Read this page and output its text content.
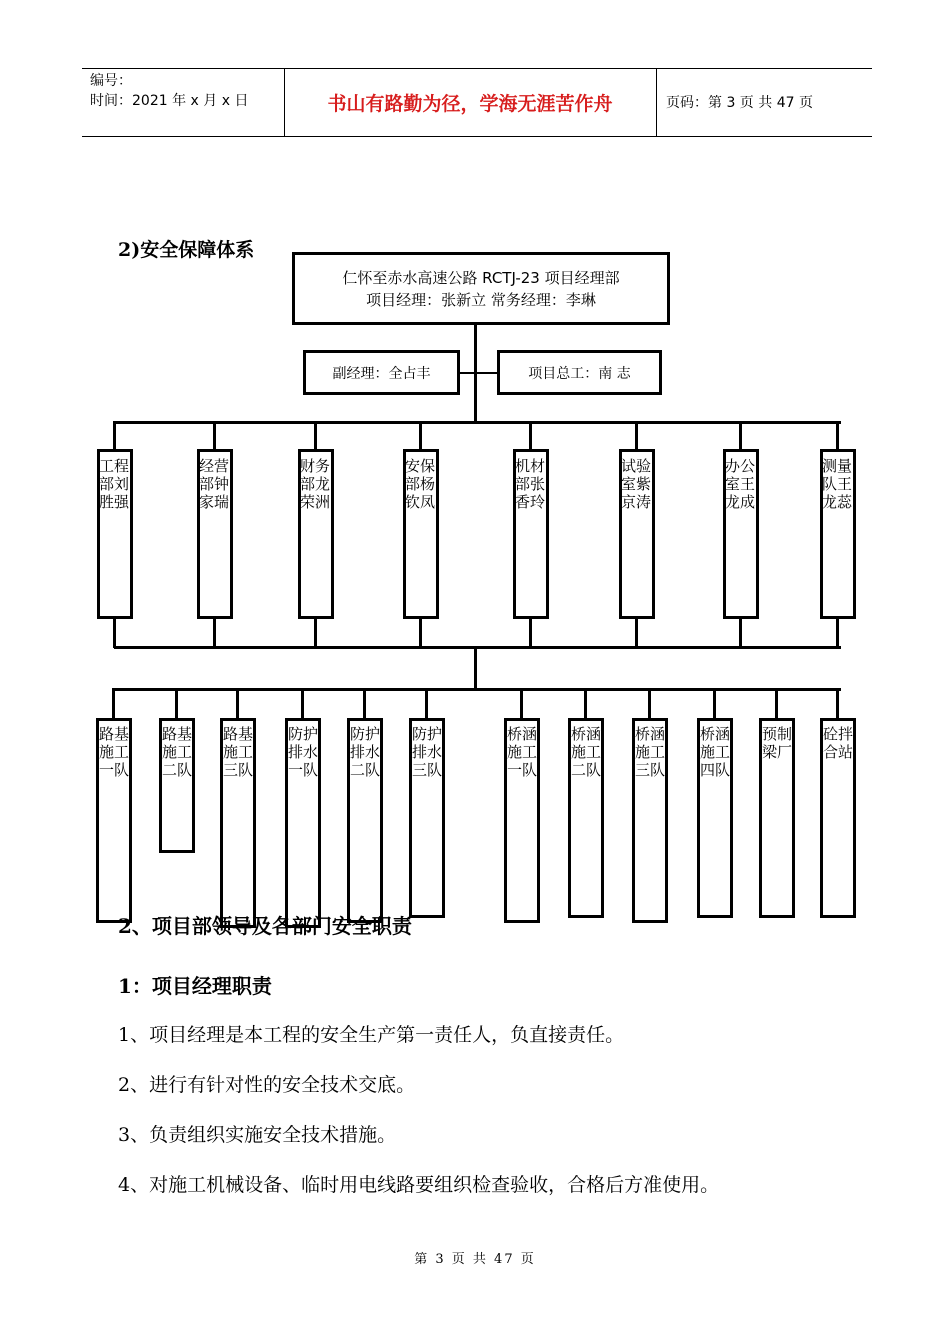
编号：
时间：2021 年 x 月 x 日	书山有路勤为径，学海无涯苦作舟	页码：第 3 页 共 47 页
2)安全保障体系
仁怀至赤水高速公路 RCTJ-23 项目经理部
项目经理：张新立 常务经理：李琳
副经理：全占丰	项目总工：南 志
工程部刘胜强
经营部钟家瑞
财务部龙荣洲
安保部杨钦凤
机材部张香玲
试验室紫京涛
办公室王龙成
测量队王龙蕊
路基施工一队
路基施工二队
路基施工三队
防护排水一队
防护排水二队
防护排水三队
桥涵施工一队
桥涵施工二队
桥涵施工三队
桥涵施工四队
预制梁厂
砼拌合站
2、项目部领导及各部门安全职责
1：项目经理职责
1、项目经理是本工程的安全生产第一责任人，负直接责任。
2、进行有针对性的安全技术交底。
3、负责组织实施安全技术措施。
4、对施工机械设备、临时用电线路要组织检查验收，合格后方准使用。
第 3 页 共 47 页
